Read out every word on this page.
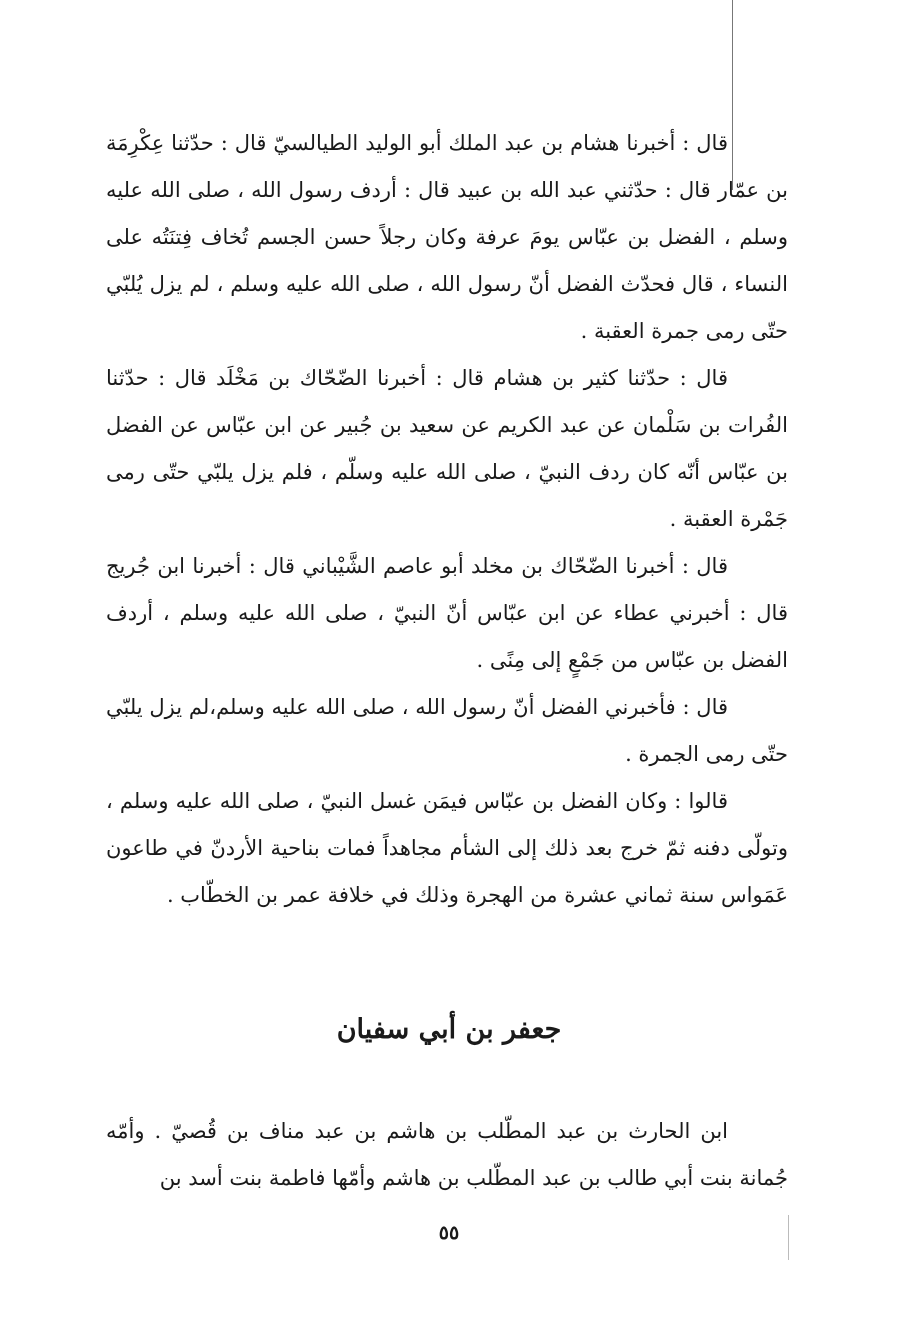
قال : أخبرنا هشام بن عبد الملك أبو الوليد الطيالسيّ قال : حدّثنا عِكْرِمَة بن عمّار قال : حدّثني عبد الله بن عبيد قال : أردف رسول الله ، صلى الله عليه وسلم ، الفضل بن عبّاس يومَ عرفة وكان رجلاً حسن الجسم تُخاف فِتنَتُه على النساء ، قال فحدّث الفضل أنّ رسول الله ، صلى الله عليه وسلم ، لم يزل يُلبّي حتّى رمى جمرة العقبة .

قال : حدّثنا كثير بن هشام قال : أخبرنا الضّحّاك بن مَخْلَد قال : حدّثنا الفُرات بن سَلْمان عن عبد الكريم عن سعيد بن جُبير عن ابن عبّاس عن الفضل بن عبّاس أنّه كان ردف النبيّ ، صلى الله عليه وسلّم ، فلم يزل يلبّي حتّى رمى جَمْرة العقبة .

قال : أخبرنا الضّحّاك بن مخلد أبو عاصم الشَّيْباني قال : أخبرنا ابن جُريج قال : أخبرني عطاء عن ابن عبّاس أنّ النبيّ ، صلى الله عليه وسلم ، أردف الفضل بن عبّاس من جَمْعٍ إلى مِنًى .

قال : فأخبرني الفضل أنّ رسول الله ، صلى الله عليه وسلم،لم يزل يلبّي حتّى رمى الجمرة .

قالوا : وكان الفضل بن عبّاس فيمَن غسل النبيّ ، صلى الله عليه وسلم ، وتولّى دفنه ثمّ خرج بعد ذلك إلى الشأم مجاهداً فمات بناحية الأردنّ في طاعون عَمَواس سنة ثماني عشرة من الهجرة وذلك في خلافة عمر بن الخطّاب .

جعفر بن أبي سفيان

ابن الحارث بن عبد المطّلب بن هاشم بن عبد مناف بن قُصيّ . وأمّه جُمانة بنت أبي طالب بن عبد المطّلب بن هاشم وأمّها فاطمة بنت أسد بن

٥٥
